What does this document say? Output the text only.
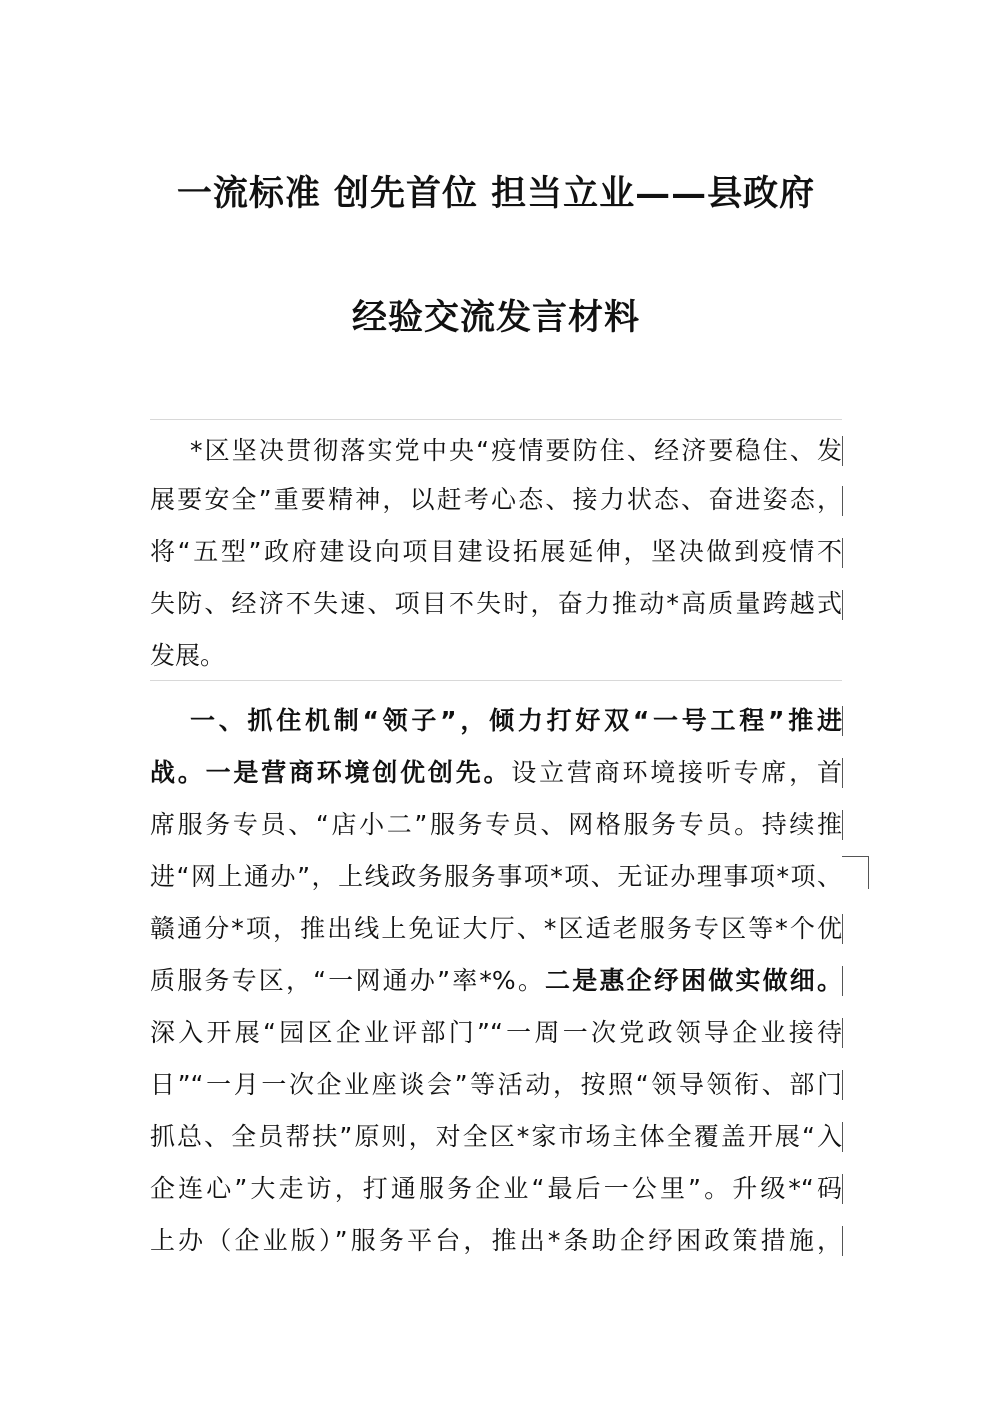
一流标准 创先首位 担当立业——县政府
经验交流发言材料
*区坚决贯彻落实党中央“疫情要防住、经济要稳住、发
展要安全”重要精神，以赶考心态、接力状态、奋进姿态，
将“五型”政府建设向项目建设拓展延伸，坚决做到疫情不
失防、经济不失速、项目不失时，奋力推动*高质量跨越式
发展。
一、抓住机制“领子”，倾力打好双“一号工程”推进
战。一是营商环境创优创先。设立营商环境接听专席，首
席服务专员、“店小二”服务专员、网格服务专员。持续推
进“网上通办”，上线政务服务事项*项、无证办理事项*项、
赣通分*项，推出线上免证大厅、*区适老服务专区等*个优
质服务专区，“一网通办”率*%。二是惠企纾困做实做细。
深入开展“园区企业评部门”“一周一次党政领导企业接待
日”“一月一次企业座谈会”等活动，按照“领导领衔、部门
抓总、全员帮扶”原则，对全区*家市场主体全覆盖开展“入
企连心”大走访，打通服务企业“最后一公里”。升级*“码
上办（企业版）”服务平台，推出*条助企纾困政策措施，
